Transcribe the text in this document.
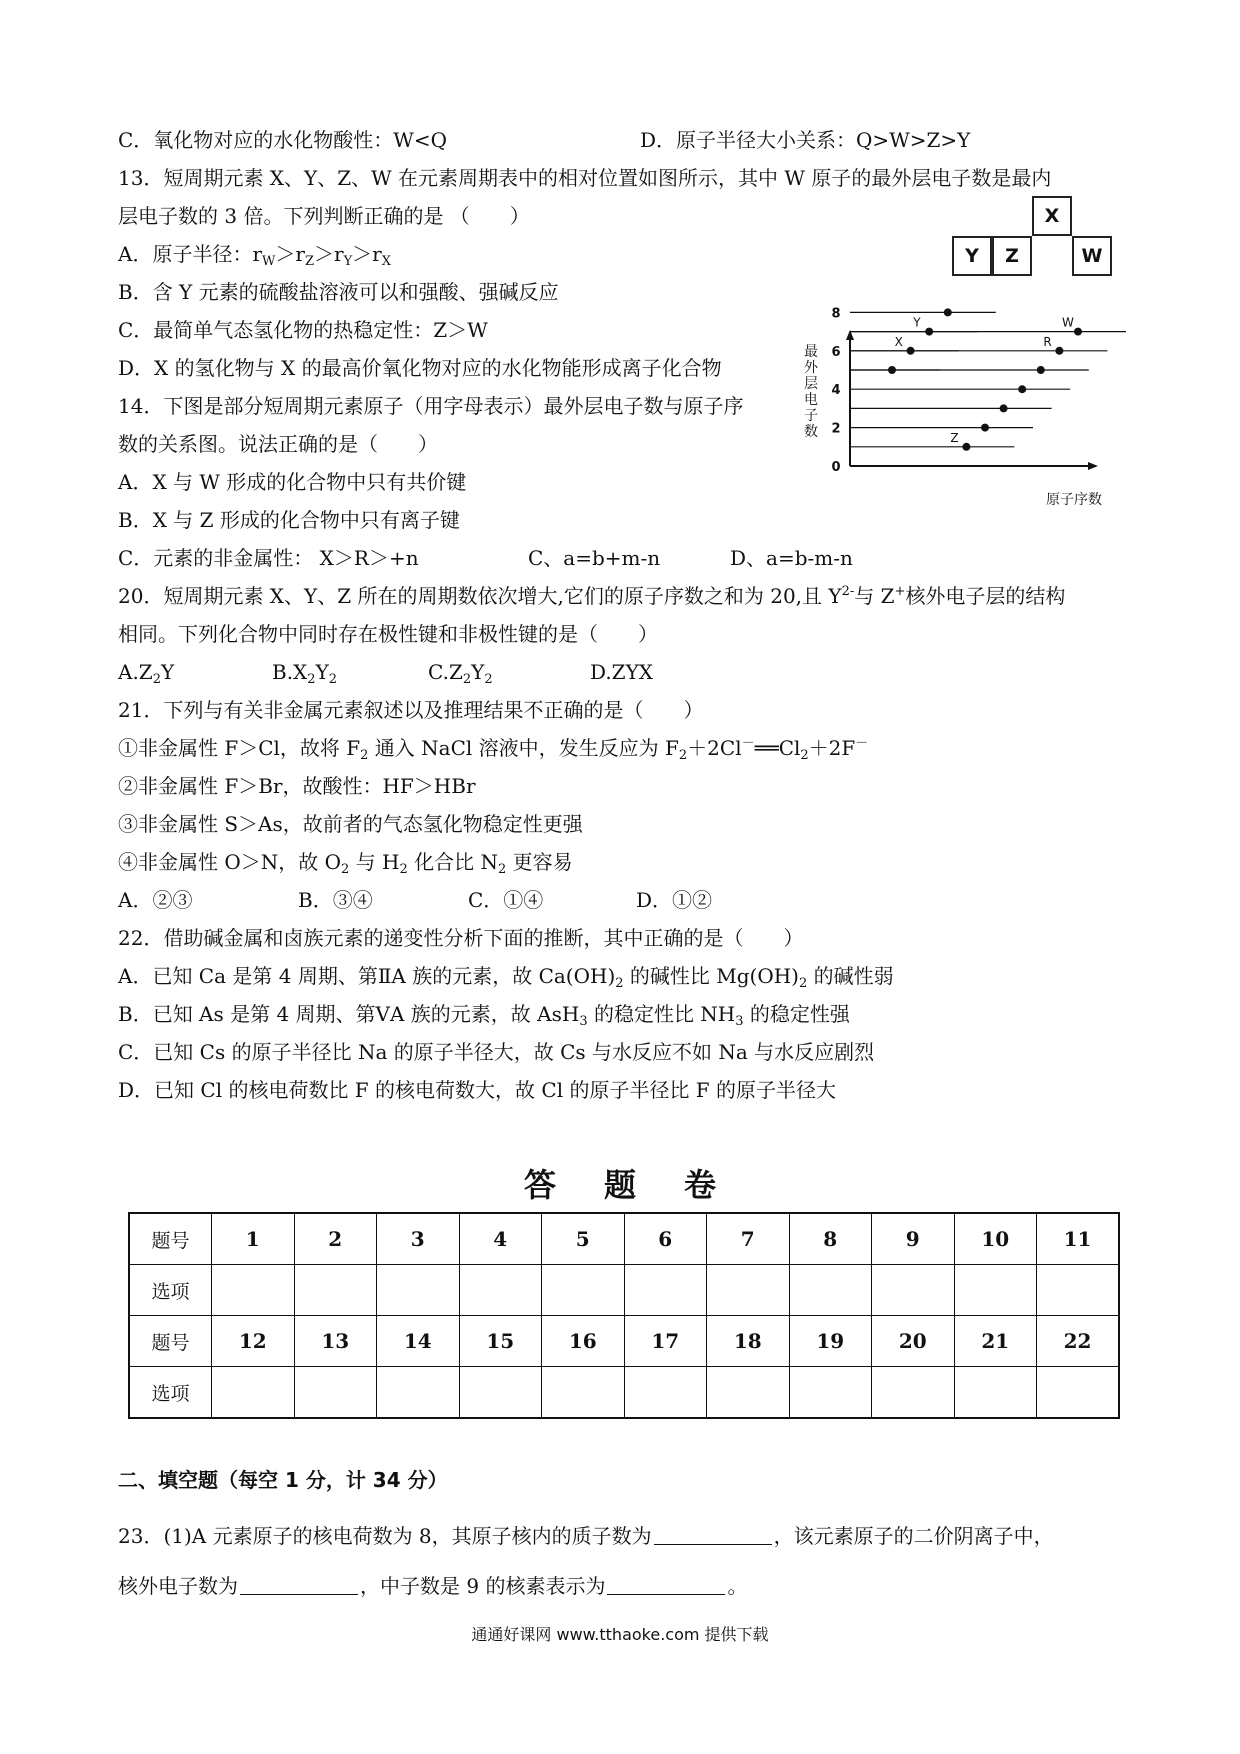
C．氧化物对应的水化物酸性：W<Q	D．原子半径大小关系：Q>W>Z>Y

13．短周期元素 X、Y、Z、W 在元素周期表中的相对位置如图所示，其中 W 原子的最外层电子数是最内

层电子数的 3 倍。下列判断正确的是 （　　）

A．原子半径：$r_W>r_Z>r_Y>r_X$

B．含 Y 元素的硫酸盐溶液可以和强酸、强碱反应

C．最简单气态氢化物的热稳定性：Z＞W

D．X 的氢化物与 X 的最高价氧化物对应的水化物能形成离子化合物

X
Y	Z	W

14．下图是部分短周期元素原子（用字母表示）最外层电子数与原子序

数的关系图。说法正确的是（　　）

A．X 与 W 形成的化合物中只有共价键

B．X 与 Z 形成的化合物中只有离子键

C．元素的非金属性： X＞R＞+n	C、a=b+m-n	D、a=b-m-n

最外层电子数
原子序数
0
2
4
6
8
X
Y
Z
R
W

20．短周期元素 X、Y、Z 所在的周期数依次增大,它们的原子序数之和为 20,且 $Y^{2-}$与 Z+核外电子层的结构

相同。下列化合物中同时存在极性键和非极性键的是（　　）

$A.Z_2Y$	$B.X_2Y_2$	$C.Z_2Y_2$	D.ZYX

21．下列与有关非金属元素叙述以及推理结果不正确的是（　　）

①非金属性 F＞Cl，故将 $F_2$ 通入 NaCl 溶液中，发生反应为 $F_2+2Cl^-══Cl_2+2F^-$

②非金属性 F＞Br，故酸性：HF＞HBr

③非金属性 S＞As，故前者的气态氢化物稳定性更强

④非金属性 O＞N，故 $O_2$ 与 $H_2$ 化合比 $N_2$ 更容易

A．②③	B．③④	C．①④	D．①②

22．借助碱金属和卤族元素的递变性分析下面的推断，其中正确的是（　　）

A．已知 Ca 是第 4 周期、第ⅡA 族的元素，故 $Ca(OH)_2$ 的碱性比 $Mg(OH)_2$ 的碱性弱

B．已知 As 是第 4 周期、第ⅤA 族的元素，故 AsH$_3$ 的稳定性比 $NH_3$ 的稳定性强

C．已知 Cs 的原子半径比 Na 的原子半径大，故 Cs 与水反应不如 Na 与水反应剧烈

D．已知 Cl 的核电荷数比 F 的核电荷数大，故 Cl 的原子半径比 F 的原子半径大

答题卷

题号	1	2	3	4	5	6	7	8	9	10	11
选项											
题号	12	13	14	15	16	17	18	19	20	21	22
选项											

二、填空题（每空 1 分，计 34 分）

23．(1)A 元素原子的核电荷数为 8，其原子核内的质子数为	，该元素原子的二价阴离子中，

核外电子数为	，中子数是 9 的核素表示为	。

通通好课网 www.tthaoke.com 提供下载
